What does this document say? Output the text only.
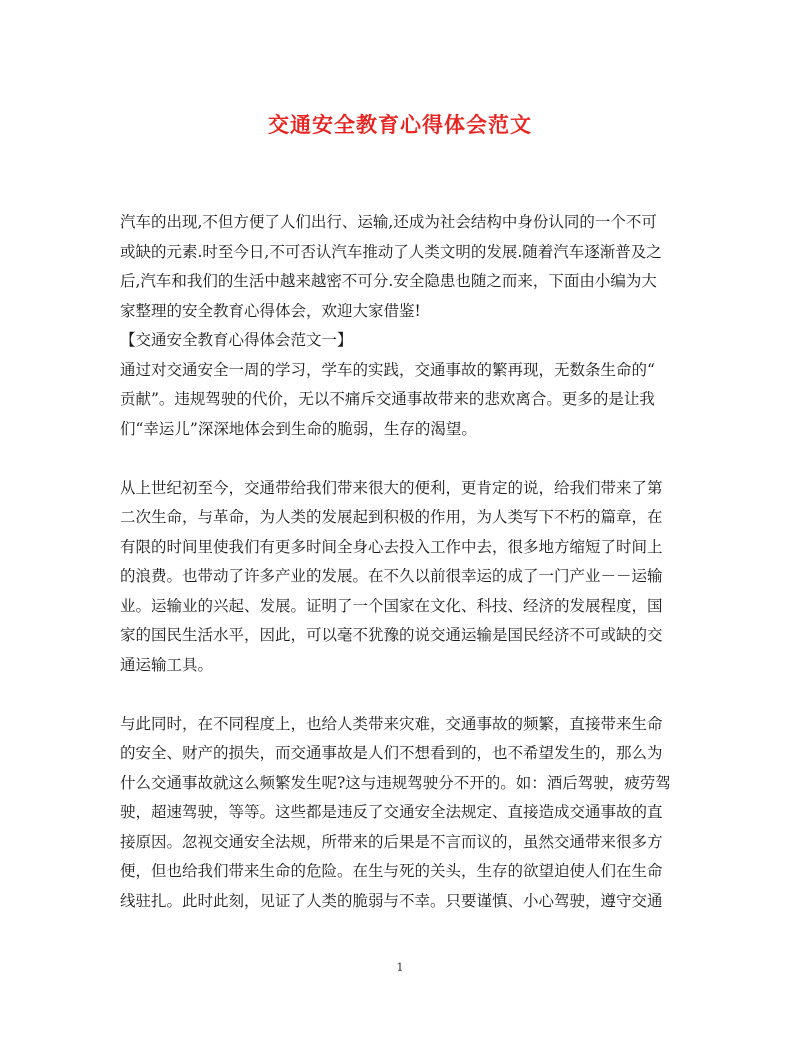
交通安全教育心得体会范文
汽车的出现,不但方便了人们出行、运输,还成为社会结构中身份认同的一个不可
或缺的元素.时至今日,不可否认汽车推动了人类文明的发展.随着汽车逐渐普及之
后,汽车和我们的生活中越来越密不可分.安全隐患也随之而来，下面由小编为大
家整理的安全教育心得体会，欢迎大家借鉴!
【交通安全教育心得体会范文一】
通过对交通安全一周的学习，学车的实践，交通事故的繁再现，无数条生命的“
贡献”。违规驾驶的代价，无以不痛斥交通事故带来的悲欢离合。更多的是让我
们“幸运儿”深深地体会到生命的脆弱，生存的渴望。
从上世纪初至今，交通带给我们带来很大的便利，更肯定的说，给我们带来了第
二次生命，与革命，为人类的发展起到积极的作用，为人类写下不朽的篇章，在
有限的时间里使我们有更多时间全身心去投入工作中去，很多地方缩短了时间上
的浪费。也带动了许多产业的发展。在不久以前很幸运的成了一门产业－－运输
业。运输业的兴起、发展。证明了一个国家在文化、科技、经济的发展程度，国
家的国民生活水平，因此，可以毫不犹豫的说交通运输是国民经济不可或缺的交
通运输工具。
与此同时，在不同程度上，也给人类带来灾难，交通事故的频繁，直接带来生命
的安全、财产的损失，而交通事故是人们不想看到的，也不希望发生的，那么为
什么交通事故就这么频繁发生呢?这与违规驾驶分不开的。如：酒后驾驶，疲劳驾
驶，超速驾驶，等等。这些都是违反了交通安全法规定、直接造成交通事故的直
接原因。忽视交通安全法规，所带来的后果是不言而议的，虽然交通带来很多方
便，但也给我们带来生命的危险。在生与死的关头，生存的欲望迫使人们在生命
线驻扎。此时此刻，见证了人类的脆弱与不幸。只要谨慎、小心驾驶，遵守交通
1
